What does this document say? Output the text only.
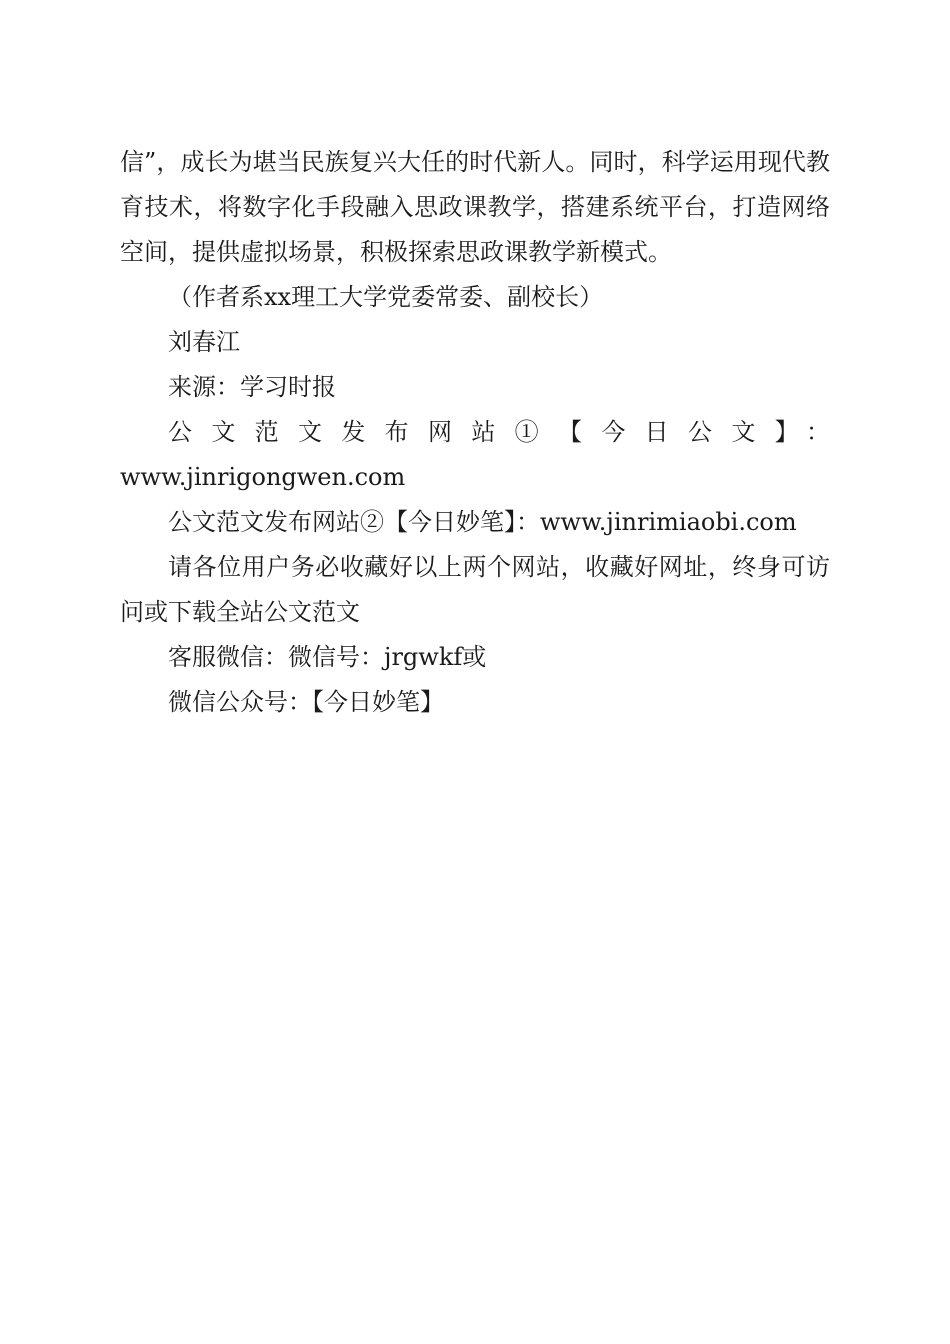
信”，成长为堪当民族复兴大任的时代新人。同时，科学运用现代教育技术，将数字化手段融入思政课教学，搭建系统平台，打造网络空间，提供虚拟场景，积极探索思政课教学新模式。

（作者系xx理工大学党委常委、副校长）

刘春江

来源：学习时报

公文范文发布网站①【今日公文】：

www.jinrigongwen.com

公文范文发布网站②【今日妙笔】：www.jinrimiaobi.com

请各位用户务必收藏好以上两个网站，收藏好网址，终身可访问或下载全站公文范文

客服微信：微信号：jrgwkf或

微信公众号：【今日妙笔】
